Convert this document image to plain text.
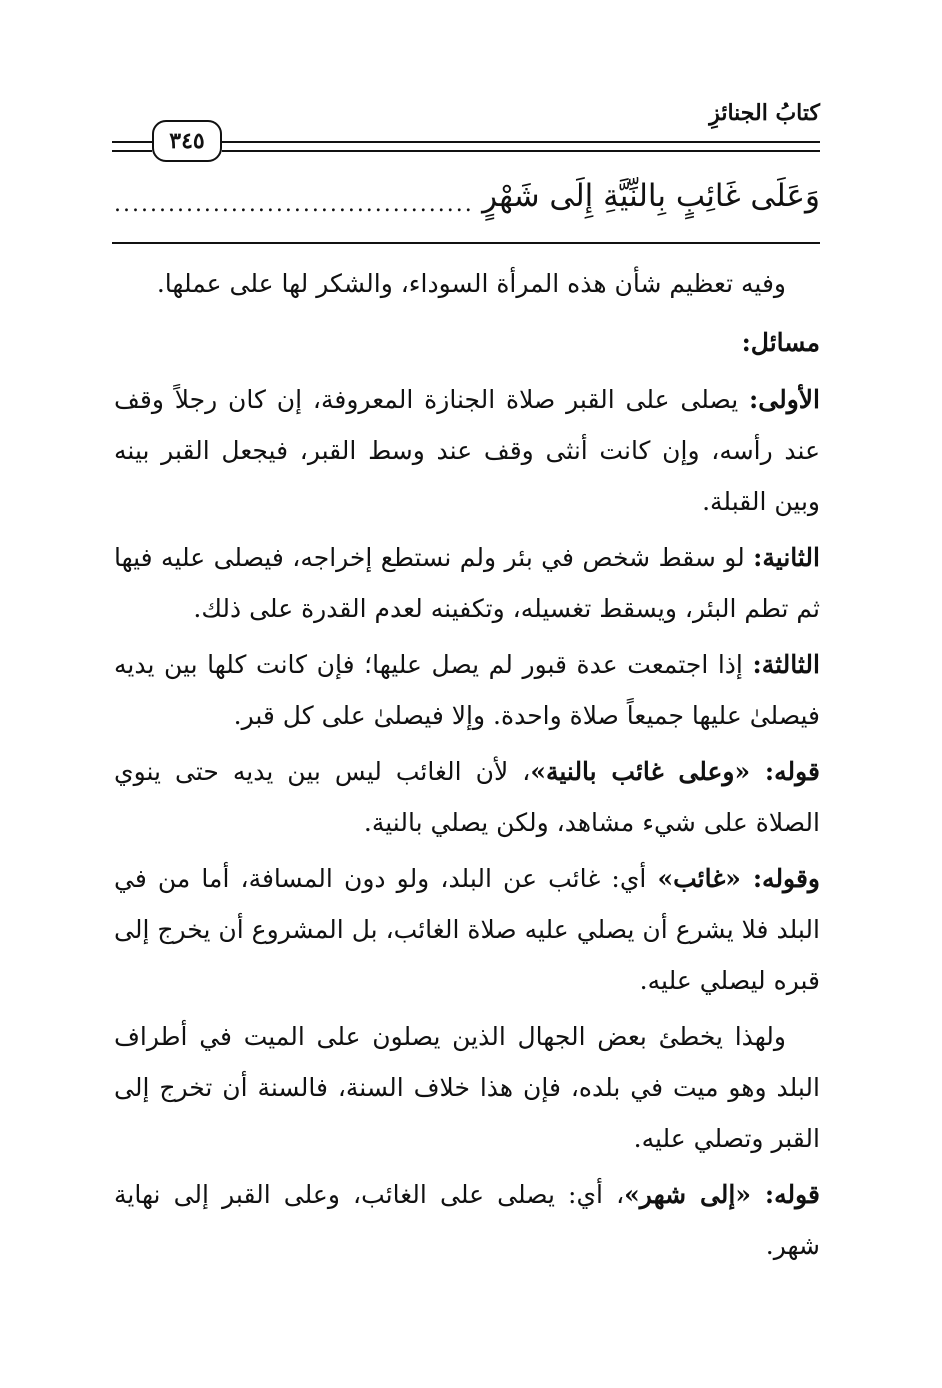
كتابُ الجنائزِ
٣٤٥
وَعَلَى غَائِبٍ بِالنِّيَّةِ إِلَى شَهْرٍ
........................................

وفيه تعظيم شأن هذه المرأة السوداء، والشكر لها على عملها.

مسائل:

الأولى: يصلى على القبر صلاة الجنازة المعروفة، إن كان رجلاً وقف عند رأسه، وإن كانت أنثى وقف عند وسط القبر، فيجعل القبر بينه وبين القبلة.

الثانية: لو سقط شخص في بئر ولم نستطع إخراجه، فيصلى عليه فيها ثم تطم البئر، ويسقط تغسيله، وتكفينه لعدم القدرة على ذلك.

الثالثة: إذا اجتمعت عدة قبور لم يصل عليها؛ فإن كانت كلها بين يديه فيصلىٰ عليها جميعاً صلاة واحدة. وإلا فيصلىٰ على كل قبر.

قوله: «وعلى غائب بالنية»، لأن الغائب ليس بين يديه حتى ينوي الصلاة على شيء مشاهد، ولكن يصلي بالنية.

وقوله: «غائب» أي: غائب عن البلد، ولو دون المسافة، أما من في البلد فلا يشرع أن يصلي عليه صلاة الغائب، بل المشروع أن يخرج إلى قبره ليصلي عليه.

ولهذا يخطئ بعض الجهال الذين يصلون على الميت في أطراف البلد وهو ميت في بلده، فإن هذا خلاف السنة، فالسنة أن تخرج إلى القبر وتصلي عليه.

قوله: «إلى شهر»، أي: يصلى على الغائب، وعلى القبر إلى نهاية شهر.
